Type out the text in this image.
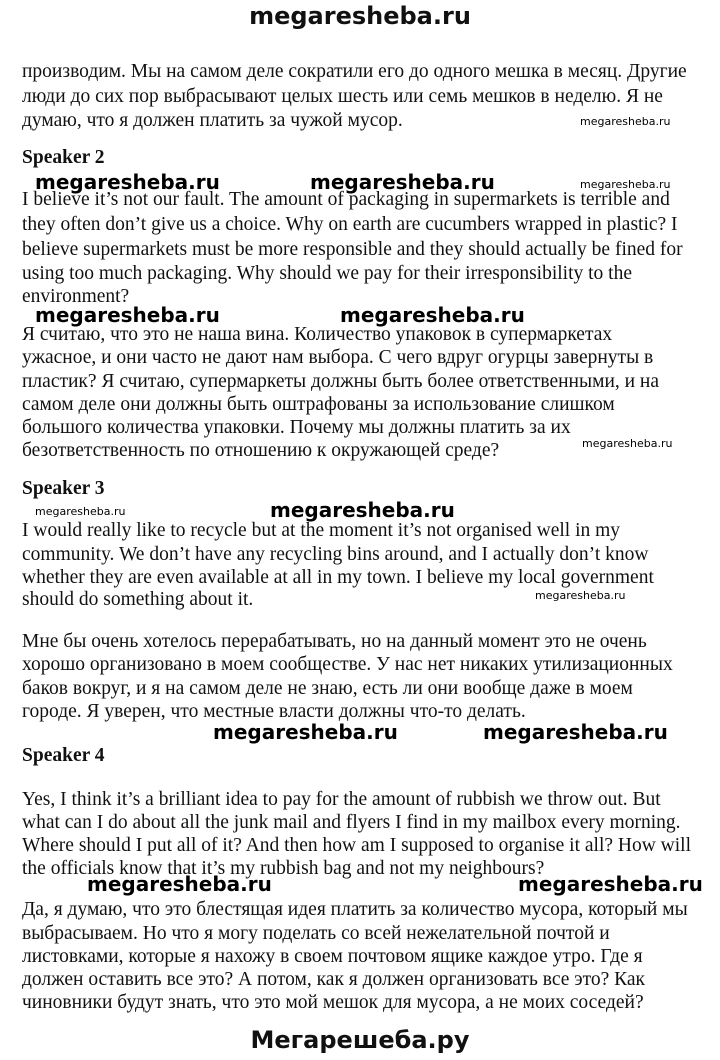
megaresheba.ru
производим. Мы на самом деле сократили его до одного мешка в месяц. Другие
люди до сих пор выбрасывают целых шесть или семь мешков в неделю. Я не
думаю, что я должен платить за чужой мусор.	megaresheba.ru
Speaker 2
megaresheba.ru	megaresheba.ru	megaresheba.ru
I believe it’s not our fault. The amount of packaging in supermarkets is terrible and
they often don’t give us a choice. Why on earth are cucumbers wrapped in plastic? I
believe supermarkets must be more responsible and they should actually be fined for
using too much packaging. Why should we pay for their irresponsibility to the
environment?
megaresheba.ru	megaresheba.ru
Я считаю, что это не наша вина. Количество упаковок в супермаркетах
ужасное, и они часто не дают нам выбора. С чего вдруг огурцы завернуты в
пластик? Я считаю, супермаркеты должны быть более ответственными, и на
самом деле они должны быть оштрафованы за использование слишком
большого количества упаковки. Почему мы должны платить за их
безответственность по отношению к окружающей среде?	megaresheba.ru
Speaker 3
megaresheba.ru	megaresheba.ru
I would really like to recycle but at the moment it’s not organised well in my
community. We don’t have any recycling bins around, and I actually don’t know
whether they are even available at all in my town. I believe my local government
should do something about it.	megaresheba.ru
Мне бы очень хотелось перерабатывать, но на данный момент это не очень
хорошо организовано в моем сообществе. У нас нет никаких утилизационных
баков вокруг, и я на самом деле не знаю, есть ли они вообще даже в моем
городе. Я уверен, что местные власти должны что-то делать.
megaresheba.ru	megaresheba.ru
Speaker 4
Yes, I think it’s a brilliant idea to pay for the amount of rubbish we throw out. But
what can I do about all the junk mail and flyers I find in my mailbox every morning.
Where should I put all of it? And then how am I supposed to organise it all? How will
the officials know that it’s my rubbish bag and not my neighbours?
megaresheba.ru	megaresheba.ru
Да, я думаю, что это блестящая идея платить за количество мусора, который мы
выбрасываем. Но что я могу поделать со всей нежелательной почтой и
листовками, которые я нахожу в своем почтовом ящике каждое утро. Где я
должен оставить все это? А потом, как я должен организовать все это? Как
чиновники будут знать, что это мой мешок для мусора, а не моих соседей?
Мегарешеба.ру
